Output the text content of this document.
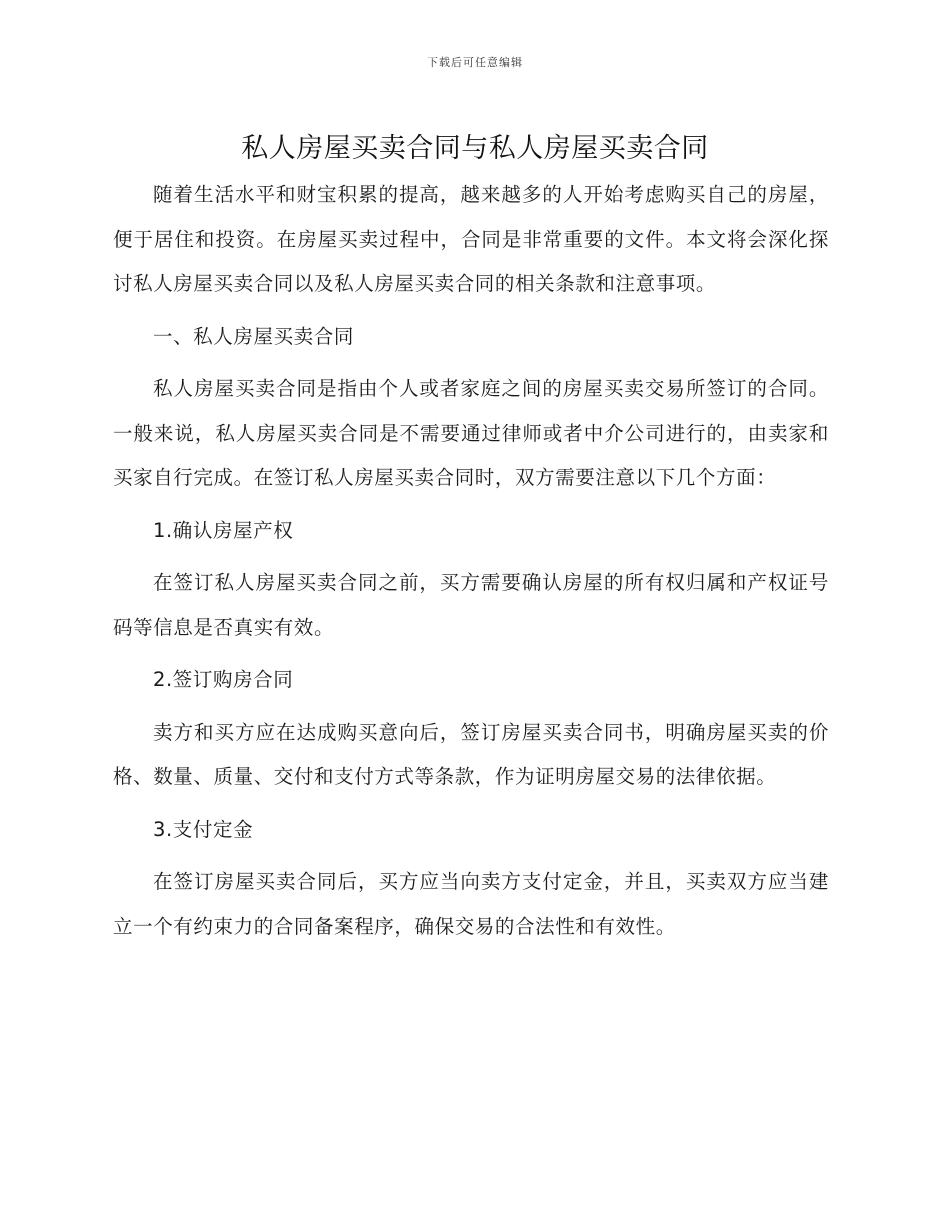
下载后可任意编辑
私人房屋买卖合同与私人房屋买卖合同

随着生活水平和财宝积累的提高，越来越多的人开始考虑购买自己的房屋，便于居住和投资。在房屋买卖过程中，合同是非常重要的文件。本文将会深化探讨私人房屋买卖合同以及私人房屋买卖合同的相关条款和注意事项。

一、私人房屋买卖合同

私人房屋买卖合同是指由个人或者家庭之间的房屋买卖交易所签订的合同。一般来说，私人房屋买卖合同是不需要通过律师或者中介公司进行的，由卖家和买家自行完成。在签订私人房屋买卖合同时，双方需要注意以下几个方面：

1.确认房屋产权

在签订私人房屋买卖合同之前，买方需要确认房屋的所有权归属和产权证号码等信息是否真实有效。

2.签订购房合同

卖方和买方应在达成购买意向后，签订房屋买卖合同书，明确房屋买卖的价格、数量、质量、交付和支付方式等条款，作为证明房屋交易的法律依据。

3.支付定金

在签订房屋买卖合同后，买方应当向卖方支付定金，并且，买卖双方应当建立一个有约束力的合同备案程序，确保交易的合法性和有效性。
